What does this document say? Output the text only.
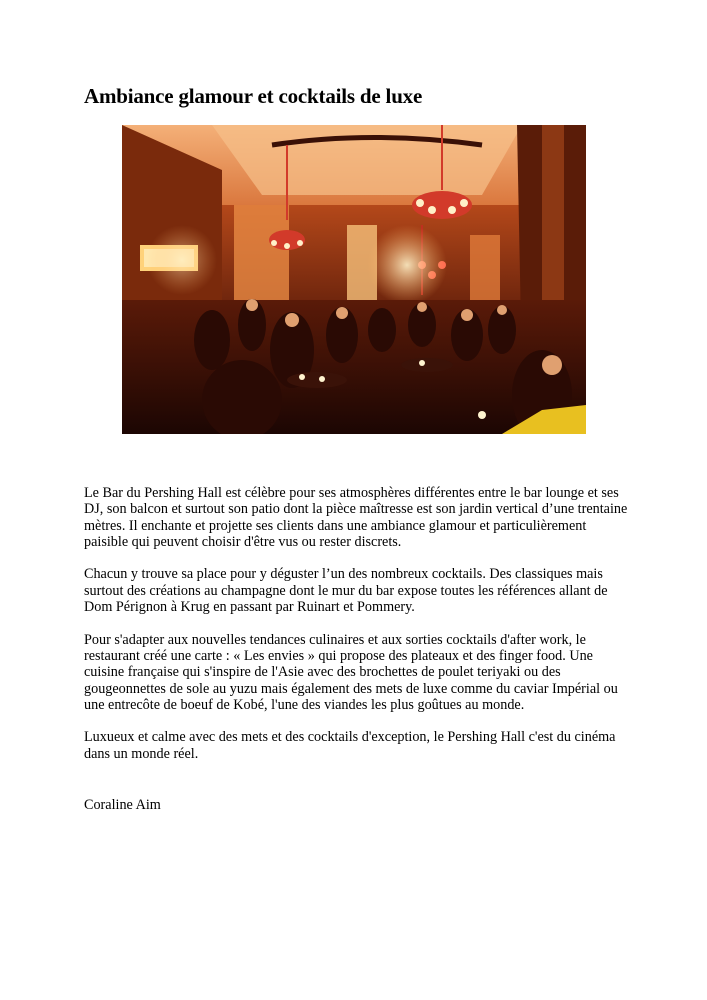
Ambiance glamour et cocktails de luxe

Le Bar du Pershing Hall est célèbre pour ses atmosphères différentes entre le bar lounge et ses DJ, son balcon et surtout son patio dont la pièce maîtresse est son jardin vertical d’une trentaine mètres. Il enchante et projette ses clients dans une ambiance glamour et particulièrement paisible qui peuvent choisir d'être vus ou rester discrets.

Chacun y trouve sa place pour y déguster l’un des nombreux cocktails. Des classiques mais surtout des créations au champagne dont le mur du bar expose toutes les références allant de Dom Pérignon à Krug en passant par Ruinart et Pommery.

Pour s'adapter aux nouvelles tendances culinaires et aux sorties cocktails d'after work, le restaurant créé une carte : « Les envies » qui propose des plateaux et des finger food. Une cuisine française qui s'inspire de l'Asie avec des brochettes de poulet teriyaki ou des gougeonnettes de sole au yuzu mais également des mets de luxe comme du caviar Impérial ou une entrecôte de boeuf de Kobé, l'une des viandes les plus goûtues au monde.

Luxueux et calme avec des mets et des cocktails d'exception, le Pershing Hall c'est du cinéma dans un monde réel.

Coraline Aim
